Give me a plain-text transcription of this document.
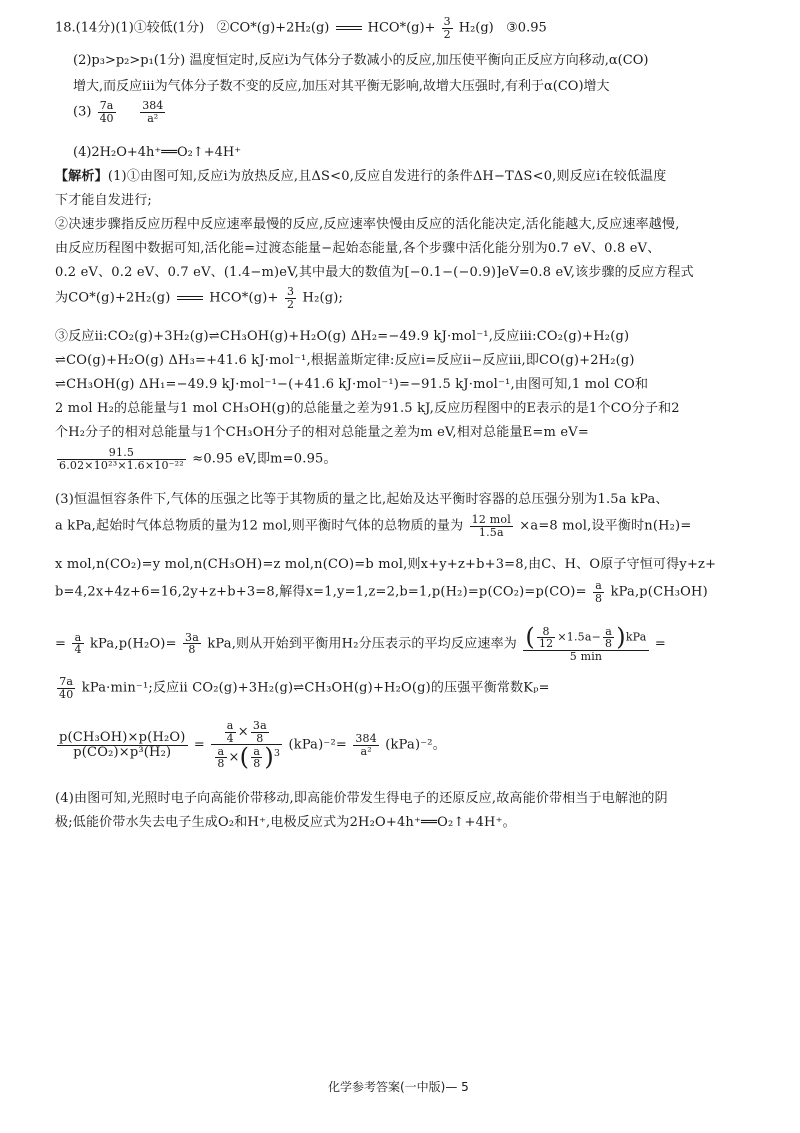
18.(14分)(1)①较低(1分) ②CO*(g)+2H₂(g)	$HCO*(g)+ \frac{3}{2} H_2(g)$ ③0.95
(2)p₃>p₂>p₁(1分) 温度恒定时,反应ⅰ为气体分子数减小的反应,加压使平衡向正反应方向移动,α(CO)
增大,而反应ⅲ为气体分子数不变的反应,加压对其平衡无影响,故增大压强时,有利于α(CO)增大
$(3) \frac{7a}{40}$
$\frac{384}{\text{a²}}$
(4)2H₂O+4h⁺══O₂↑+4H⁺
【解析】(1)①由图可知,反应ⅰ为放热反应,且ΔS<0,反应自发进行的条件ΔH−TΔS<0,则反应ⅰ在较低温度
下才能自发进行;
②决速步骤指反应历程中反应速率最慢的反应,反应速率快慢由反应的活化能决定,活化能越大,反应速率越慢,
由反应历程图中数据可知,活化能=过渡态能量−起始态能量,各个步骤中活化能分别为0.7 eV、0.8 eV、
0.2 eV、0.2 eV、0.7 eV、(1.4−m)eV,其中最大的数值为[−0.1−(−0.9)]eV=0.8 eV,该步骤的反应方程式
为CO*(g)+2H₂(g)	$HCO*(g)+ \frac{3}{2} H_2(g)$;
③反应ⅱ:CO₂(g)+3H₂(g)⇌CH₃OH(g)+H₂O(g) ΔH₂=−49.9 kJ·mol⁻¹,反应ⅲ:CO₂(g)+H₂(g)
⇌CO(g)+H₂O(g) ΔH₃=+41.6 kJ·mol⁻¹,根据盖斯定律:反应ⅰ=反应ⅱ−反应ⅲ,即CO(g)+2H₂(g)
⇌CH₃OH(g) ΔH₁=−49.9 kJ·mol⁻¹−(+41.6 kJ·mol⁻¹)=−91.5 kJ·mol⁻¹,由图可知,1 mol CO和
2 mol H₂的总能量与1 mol CH₃OH(g)的总能量之差为91.5 kJ,反应历程图中的E表示的是1个CO分子和2
个H₂分子的相对总能量与1个CH₃OH分子的相对总能量之差为m eV,相对总能量E=m eV=
$\frac{91.5}{\text{6.02×10²³×1.6×10⁻²²}} \approx 0.95$ eV,即m=0.95。
(3)恒温恒容条件下,气体的压强之比等于其物质的量之比,起始及达平衡时容器的总压强分别为1.5a kPa、
a kPa,起始时气体总物质的量为12 mol,则平衡时气体的总物质的量为 $\frac{\text{12 mol}}{1.5a} \times a=8$ mol,设平衡时n(H₂)=
x mol,n(CO₂)=y mol,n(CH₃OH)=z mol,n(CO)=b mol,则x+y+z+b+3=8,由C、H、O原子守恒可得y+z+
b=4,2x+4z+6=16,2y+z+b+3=8,解得$x=1,y=1,z=2,b=1,p(H_2)=p(CO_2)=p(CO)= \frac{a}{8} kPa,p(CH_3OH)$
= $\frac{a}{4} kPa,p(H_2O)= \frac{3a}{8}$ kPa,则从开始到平衡用H₂分压表示的平均反应速率为 $\frac{( \frac{8}{12} \times 1.5a- \frac{a}{8} )kPa}{5 \min}$ =
$\frac{7a}{40} kPa\cdot\min^{-1}$;反应ⅱ CO₂(g)+3H₂(g)⇌CH₃OH(g)+H₂O(g)的压强平衡常数Kₚ=
$\frac{\text{p(CH₃OH)×p(H₂O)}}{\text{p(CO₂)×p³(H₂)}} = \frac{\frac{a}{4} \times \frac{3a}{8}}{\frac{a}{8} \times( \frac{a}{8} )^3} (kPa)^{-2}= \frac{384}{\text{a²}} (kPa)^{-2}$。
(4)由图可知,光照时电子向高能价带移动,即高能价带发生得电子的还原反应,故高能价带相当于电解池的阴
极;低能价带水失去电子生成O₂和H⁺,电极反应式为2H₂O+4h⁺══O₂↑+4H⁺。
化学参考答案(一中版)— 5
